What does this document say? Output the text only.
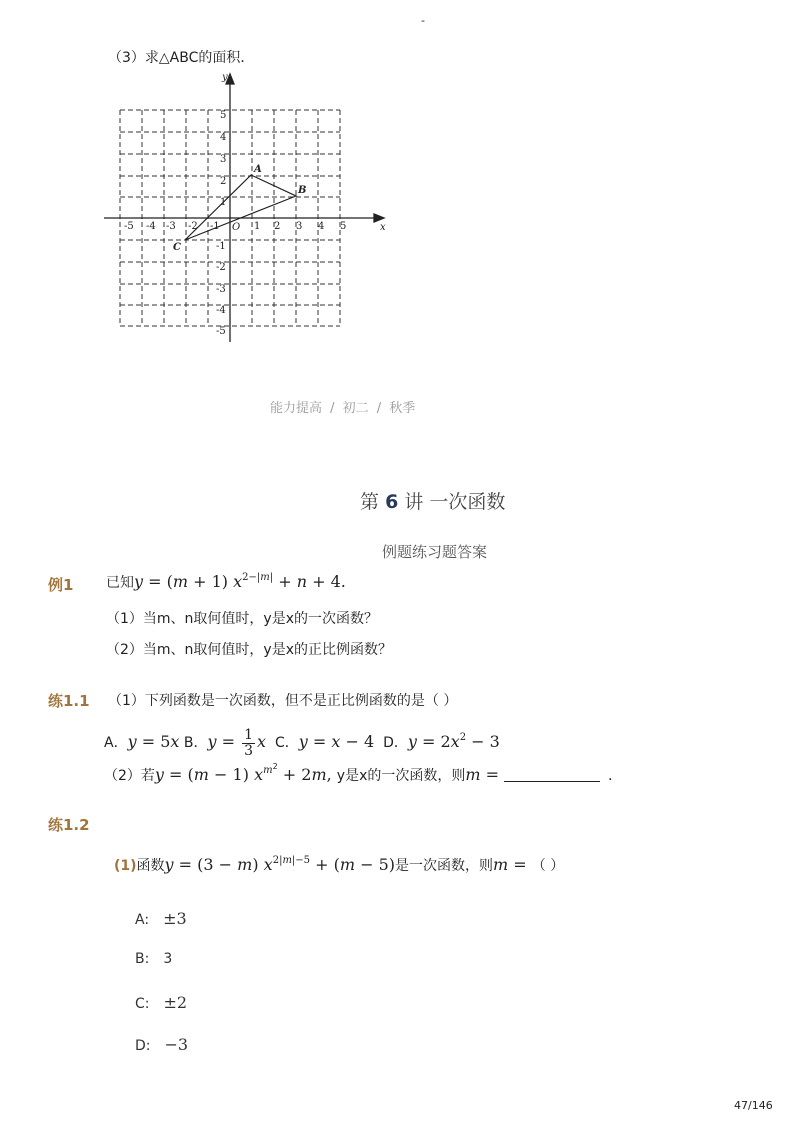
-
（3）求△ABC的面积．
x
y
O
-5 -4 -3 -2 -1	1 2 3 4 5
5
4
3
2
1
-1
-2
-3
-4
-5
A
B
C
能力提高 / 初二 / 秋季
第 6 讲 一次函数
例题练习题答案
例1 已知y = (m + 1) $x^{2-|m|} + n + 4$.
（1）当m、n取何值时，y是x的一次函数？
（2）当m、n取何值时，y是x的正比例函数？
练1.1 （1）下列函数是一次函数，但不是正比例函数的是（ ）
A．y = 5x B．$y = \frac{1}{3}$ x C．y = x − 4 D．$y = 2x^2 - 3$
（2）若y = (m − 1) $x^{m^2} + 2m$, y是x的一次函数，则m =	．
练1.2
(1)函数y = (3 − m) $x^{2|m|-5} + (m - 5)$是一次函数，则m = （ ）
A: ±3
B: 3
C: ±2
D: −3
47/146
